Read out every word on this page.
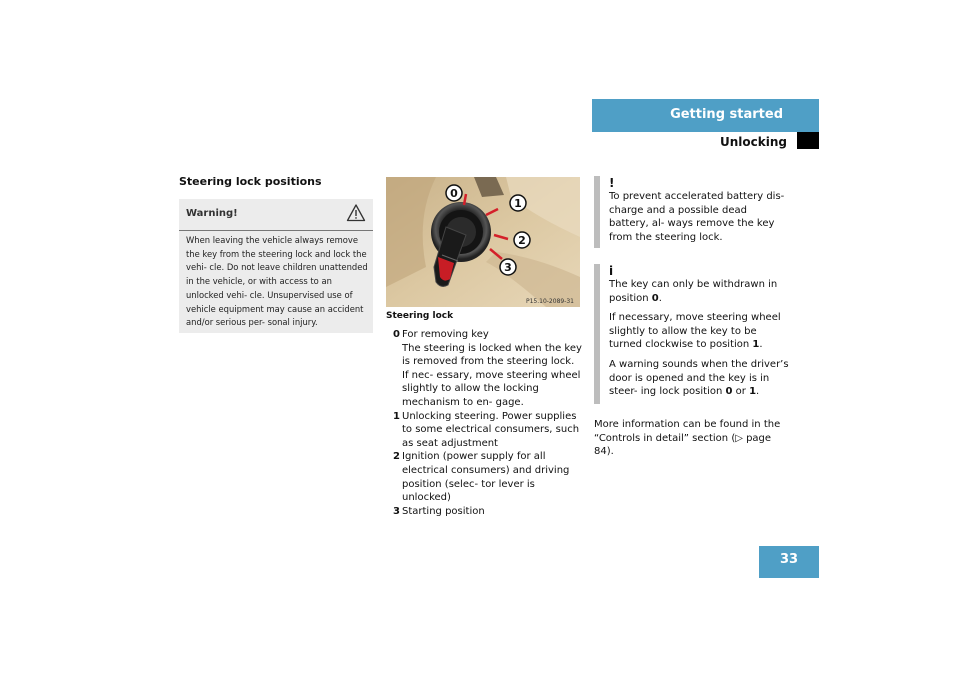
Getting started
Unlocking
Steering lock positions
Warning!
When leaving the vehicle always remove the key from the steering lock and lock the vehi- cle. Do not leave children unattended in the vehicle, or with access to an unlocked vehi- cle. Unsupervised use of vehicle equipment may cause an accident and/or serious per- sonal injury.
0
1
2
3
P15.10-2089-31
Steering lock
0 For removing key
The steering is locked when the key is removed from the steering lock. If nec- essary, move steering wheel slightly to allow the locking mechanism to en- gage.
1 Unlocking steering. Power supplies to some electrical consumers, such as seat adjustment
2 Ignition (power supply for all electrical consumers) and driving position (selec- tor lever is unlocked)
3 Starting position
!

To prevent accelerated battery dis- charge and a possible dead battery, al- ways remove the key from the steering lock.

i

The key can only be withdrawn in position 0.

If necessary, move steering wheel slightly to allow the key to be turned clockwise to position 1.

A warning sounds when the driver’s door is opened and the key is in steer- ing lock position 0 or 1.

More information can be found in the “Controls in detail” section (▷ page 84).
33
